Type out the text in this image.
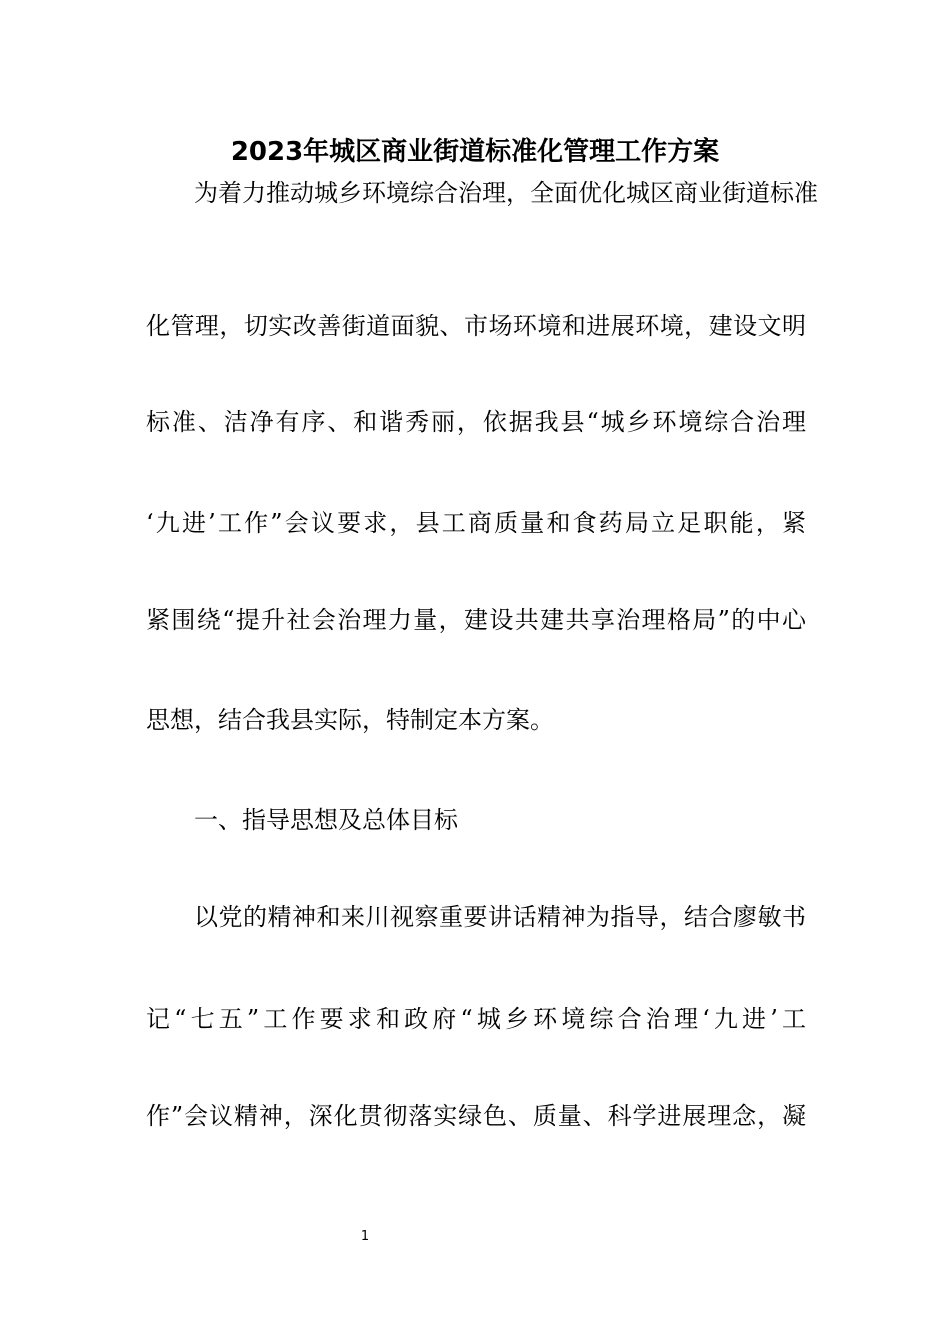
2023年城区商业街道标准化管理工作方案

为着力推动城乡环境综合治理，全面优化城区商业街道标准

化管理，切实改善街道面貌、市场环境和进展环境，建设文明

标准、洁净有序、和谐秀丽，依据我县“城乡环境综合治理

‘九进’工作”会议要求，县工商质量和食药局立足职能，紧

紧围绕“提升社会治理力量，建设共建共享治理格局”的中心

思想，结合我县实际，特制定本方案。

一、指导思想及总体目标

以党的精神和来川视察重要讲话精神为指导，结合廖敏书

记“七五”工作要求和政府“城乡环境综合治理‘九进’工

作”会议精神，深化贯彻落实绿色、质量、科学进展理念，凝

1
